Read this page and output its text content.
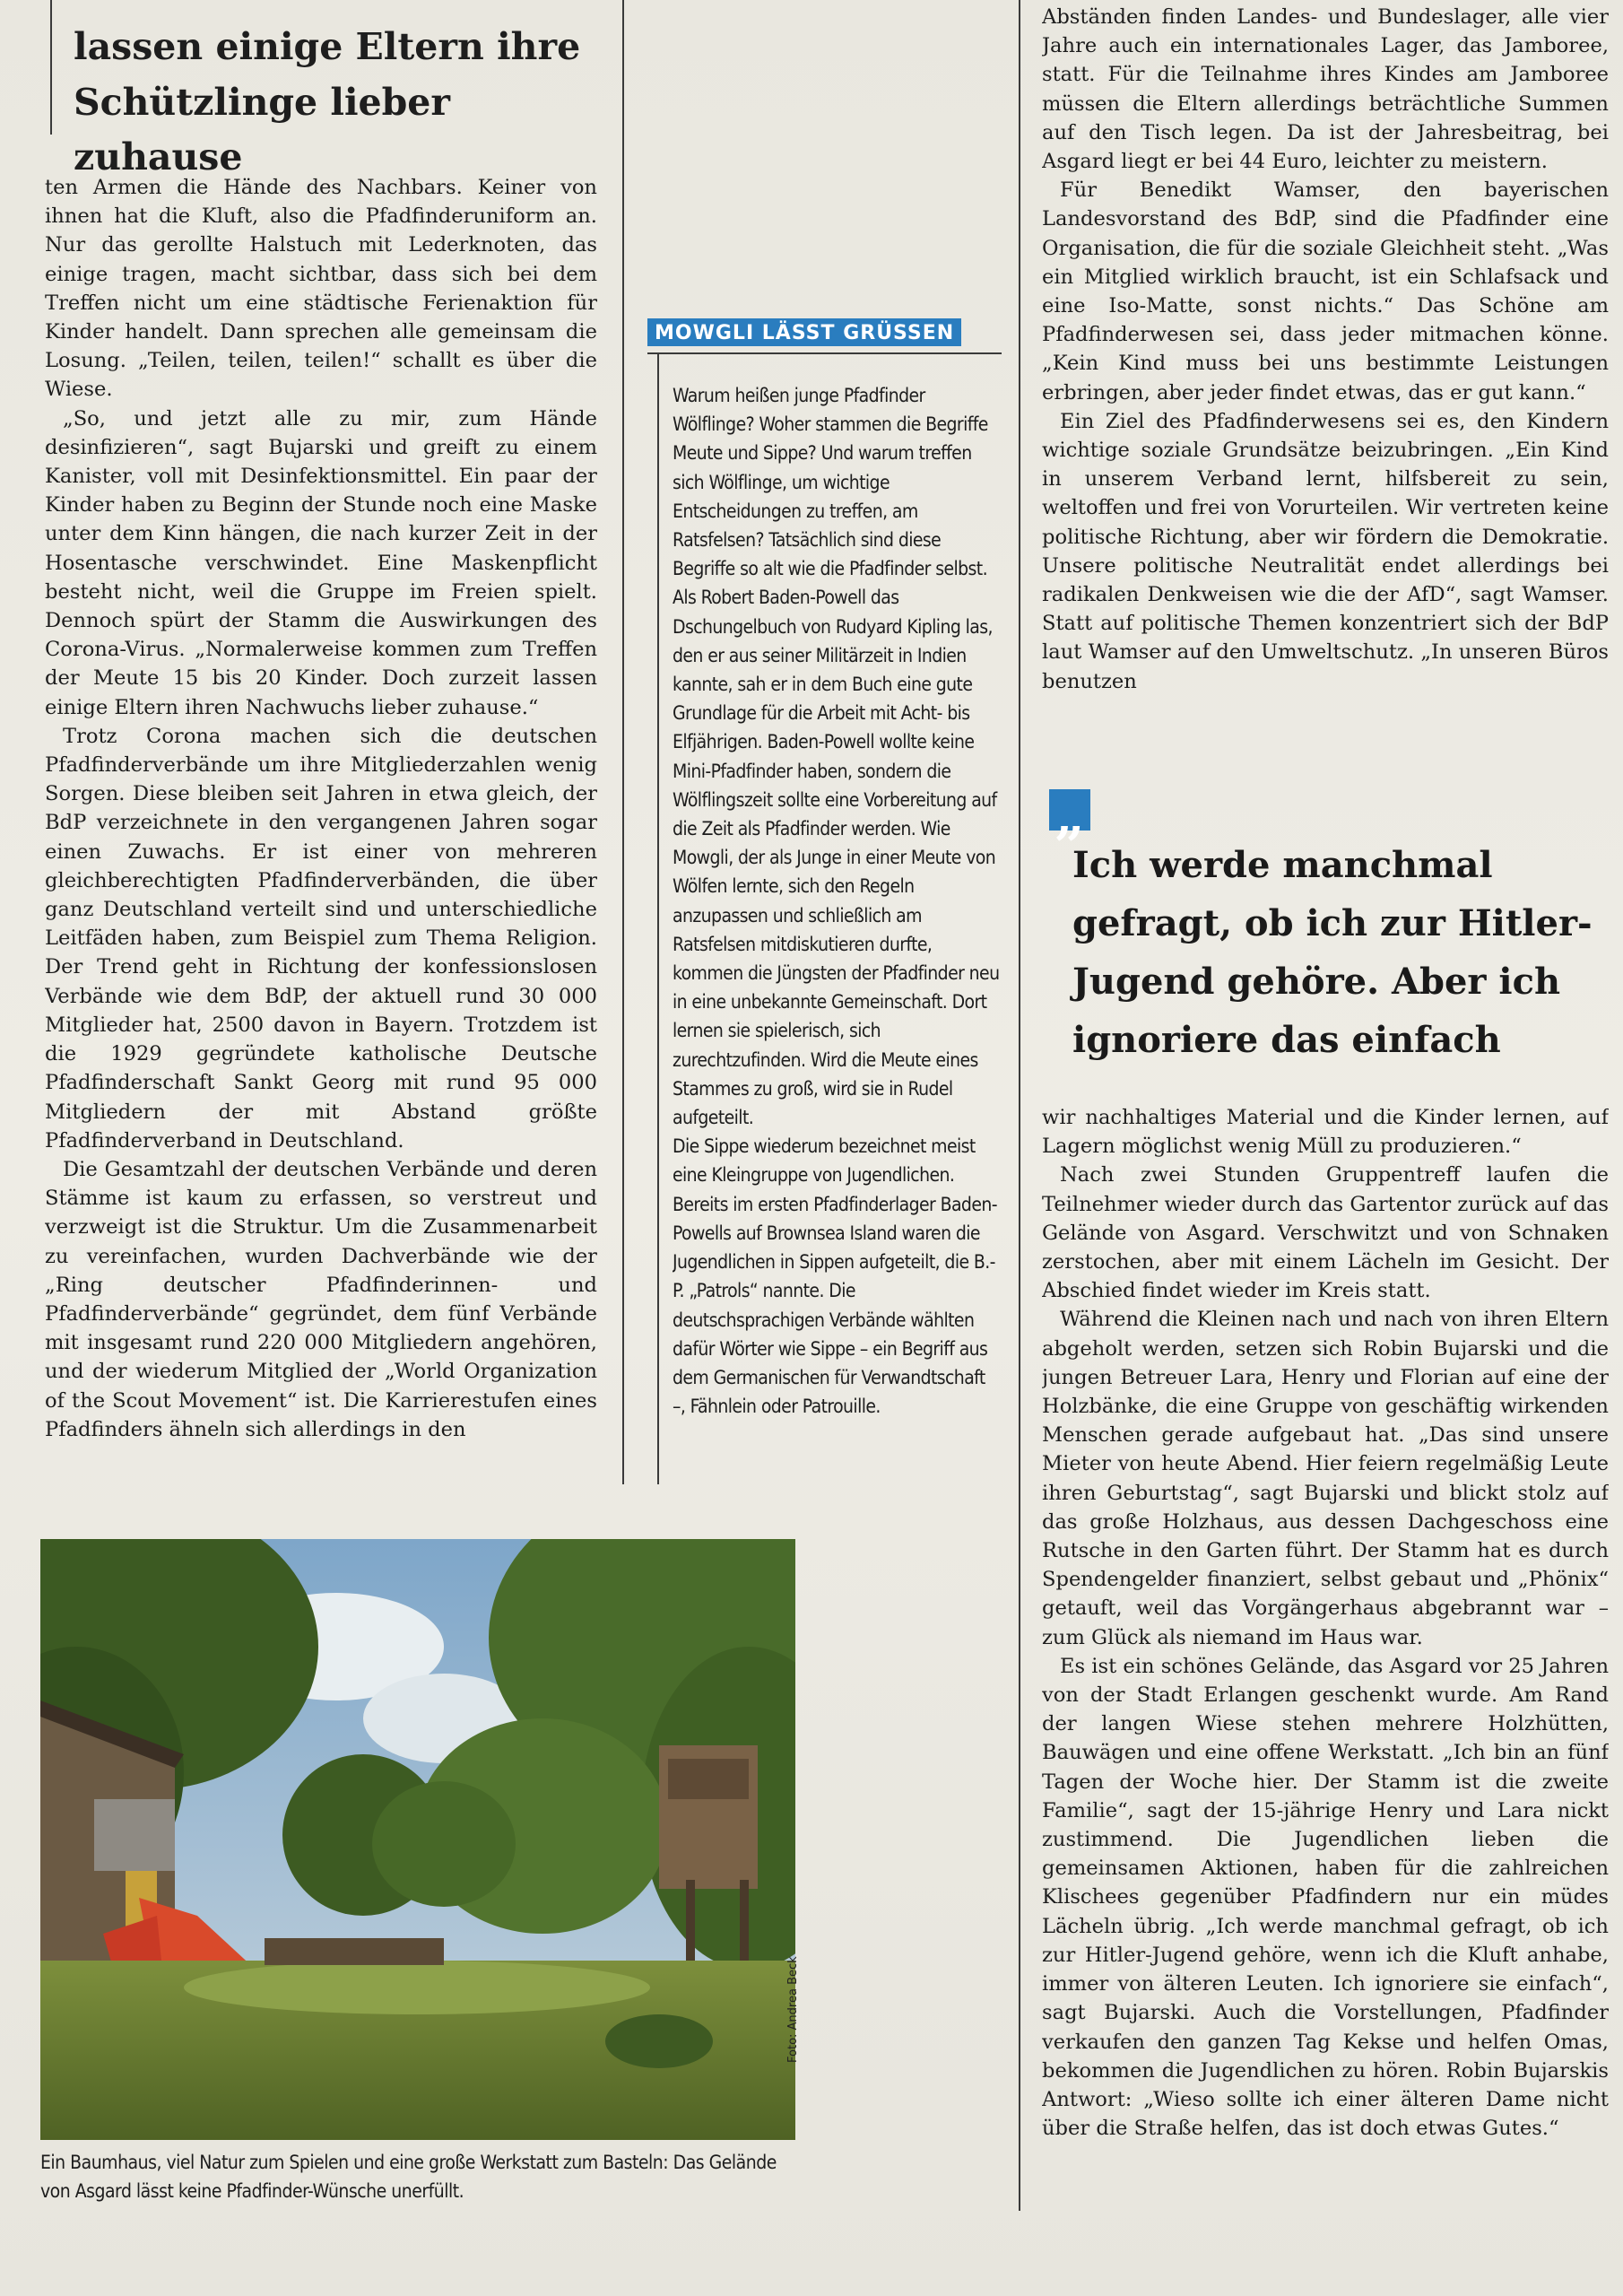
lassen einige Eltern ihre Schützlinge lieber zuhause

ten Armen die Hände des Nachbars. Keiner von ihnen hat die Kluft, also die Pfadfinderuniform an. Nur das gerollte Halstuch mit Lederknoten, das einige tragen, macht sichtbar, dass sich bei dem Treffen nicht um eine städtische Ferienaktion für Kinder handelt. Dann sprechen alle gemeinsam die Losung. „Teilen, teilen, teilen!“ schallt es über die Wiese.

„So, und jetzt alle zu mir, zum Hände desinfizieren“, sagt Bujarski und greift zu einem Kanister, voll mit Desinfektionsmittel. Ein paar der Kinder haben zu Beginn der Stunde noch eine Maske unter dem Kinn hängen, die nach kurzer Zeit in der Hosentasche verschwindet. Eine Maskenpflicht besteht nicht, weil die Gruppe im Freien spielt. Dennoch spürt der Stamm die Auswirkungen des Corona-Virus. „Normalerweise kommen zum Treffen der Meute 15 bis 20 Kinder. Doch zurzeit lassen einige Eltern ihren Nachwuchs lieber zuhause.“

Trotz Corona machen sich die deutschen Pfadfinderverbände um ihre Mitgliederzahlen wenig Sorgen. Diese bleiben seit Jahren in etwa gleich, der BdP verzeichnete in den vergangenen Jahren sogar einen Zuwachs. Er ist einer von mehreren gleichberechtigten Pfadfinderverbänden, die über ganz Deutschland verteilt sind und unterschiedliche Leitfäden haben, zum Beispiel zum Thema Religion. Der Trend geht in Richtung der konfessionslosen Verbände wie dem BdP, der aktuell rund 30 000 Mitglieder hat, 2500 davon in Bayern. Trotzdem ist die 1929 gegründete katholische Deutsche Pfadfinderschaft Sankt Georg mit rund 95 000 Mitgliedern der mit Abstand größte Pfadfinderverband in Deutschland.

Die Gesamtzahl der deutschen Verbände und deren Stämme ist kaum zu erfassen, so verstreut und verzweigt ist die Struktur. Um die Zusammenarbeit zu vereinfachen, wurden Dachverbände wie der „Ring deutscher Pfadfinderinnen- und Pfadfinderverbände“ gegründet, dem fünf Verbände mit insgesamt rund 220 000 Mitgliedern angehören, und der wiederum Mitglied der „World Organization of the Scout Movement“ ist. Die Karrierestufen eines Pfadfinders ähneln sich allerdings in den

MOWGLI LÄSST GRÜSSEN

Warum heißen junge Pfadfinder Wölflinge? Woher stammen die Begriffe Meute und Sippe? Und warum treffen sich Wölflinge, um wichtige Entscheidungen zu treffen, am Ratsfelsen? Tatsächlich sind diese Begriffe so alt wie die Pfadfinder selbst. Als Robert Baden-Powell das Dschungelbuch von Rudyard Kipling las, den er aus seiner Militärzeit in Indien kannte, sah er in dem Buch eine gute Grundlage für die Arbeit mit Acht- bis Elfjährigen. Baden-Powell wollte keine Mini-Pfadfinder haben, sondern die Wölflingszeit sollte eine Vorbereitung auf die Zeit als Pfadfinder werden. Wie Mowgli, der als Junge in einer Meute von Wölfen lernte, sich den Regeln anzupassen und schließlich am Ratsfelsen mitdiskutieren durfte, kommen die Jüngsten der Pfadfinder neu in eine unbekannte Gemeinschaft. Dort lernen sie spielerisch, sich zurechtzufinden. Wird die Meute eines Stammes zu groß, wird sie in Rudel aufgeteilt.

Die Sippe wiederum bezeichnet meist eine Kleingruppe von Jugendlichen. Bereits im ersten Pfadfinderlager Baden-Powells auf Brownsea Island waren die Jugendlichen in Sippen aufgeteilt, die B.-P. „Patrols“ nannte. Die deutschsprachigen Verbände wählten dafür Wörter wie Sippe – ein Begriff aus dem Germanischen für Verwandtschaft –, Fähnlein oder Patrouille.

Abständen finden Landes- und Bundeslager, alle vier Jahre auch ein internationales Lager, das Jamboree, statt. Für die Teilnahme ihres Kindes am Jamboree müssen die Eltern allerdings beträchtliche Summen auf den Tisch legen. Da ist der Jahresbeitrag, bei Asgard liegt er bei 44 Euro, leichter zu meistern.

Für Benedikt Wamser, den bayerischen Landesvorstand des BdP, sind die Pfadfinder eine Organisation, die für die soziale Gleichheit steht. „Was ein Mitglied wirklich braucht, ist ein Schlafsack und eine Iso-Matte, sonst nichts.“ Das Schöne am Pfadfinderwesen sei, dass jeder mitmachen könne. „Kein Kind muss bei uns bestimmte Leistungen erbringen, aber jeder findet etwas, das er gut kann.“

Ein Ziel des Pfadfinderwesens sei es, den Kindern wichtige soziale Grundsätze beizubringen. „Ein Kind in unserem Verband lernt, hilfsbereit zu sein, weltoffen und frei von Vorurteilen. Wir vertreten keine politische Richtung, aber wir fördern die Demokratie. Unsere politische Neutralität endet allerdings bei radikalen Denkweisen wie die der AfD“, sagt Wamser. Statt auf politische Themen konzentriert sich der BdP laut Wamser auf den Umweltschutz. „In unseren Büros benutzen

„
Ich werde manchmal gefragt, ob ich zur Hitler-Jugend gehöre. Aber ich ignoriere das einfach

wir nachhaltiges Material und die Kinder lernen, auf Lagern möglichst wenig Müll zu produzieren.“

Nach zwei Stunden Gruppentreff laufen die Teilnehmer wieder durch das Gartentor zurück auf das Gelände von Asgard. Verschwitzt und von Schnaken zerstochen, aber mit einem Lächeln im Gesicht. Der Abschied findet wieder im Kreis statt.

Während die Kleinen nach und nach von ihren Eltern abgeholt werden, setzen sich Robin Bujarski und die jungen Betreuer Lara, Henry und Florian auf eine der Holzbänke, die eine Gruppe von geschäftig wirkenden Menschen gerade aufgebaut hat. „Das sind unsere Mieter von heute Abend. Hier feiern regelmäßig Leute ihren Geburtstag“, sagt Bujarski und blickt stolz auf das große Holzhaus, aus dessen Dachgeschoss eine Rutsche in den Garten führt. Der Stamm hat es durch Spendengelder finanziert, selbst gebaut und „Phönix“ getauft, weil das Vorgängerhaus abgebrannt war – zum Glück als niemand im Haus war.

Es ist ein schönes Gelände, das Asgard vor 25 Jahren von der Stadt Erlangen geschenkt wurde. Am Rand der langen Wiese stehen mehrere Holzhütten, Bauwägen und eine offene Werkstatt. „Ich bin an fünf Tagen der Woche hier. Der Stamm ist die zweite Familie“, sagt der 15-jährige Henry und Lara nickt zustimmend. Die Jugendlichen lieben die gemeinsamen Aktionen, haben für die zahlreichen Klischees gegenüber Pfadfindern nur ein müdes Lächeln übrig. „Ich werde manchmal gefragt, ob ich zur Hitler-Jugend gehöre, wenn ich die Kluft anhabe, immer von älteren Leuten. Ich ignoriere sie einfach“, sagt Bujarski. Auch die Vorstellungen, Pfadfinder verkaufen den ganzen Tag Kekse und helfen Omas, bekommen die Jugendlichen zu hören. Robin Bujarskis Antwort: „Wieso sollte ich einer älteren Dame nicht über die Straße helfen, das ist doch etwas Gutes.“

Foto: Andrea Beck
Ein Baumhaus, viel Natur zum Spielen und eine große Werkstatt zum Basteln: Das Gelände von Asgard lässt keine Pfadfinder-Wünsche unerfüllt.
